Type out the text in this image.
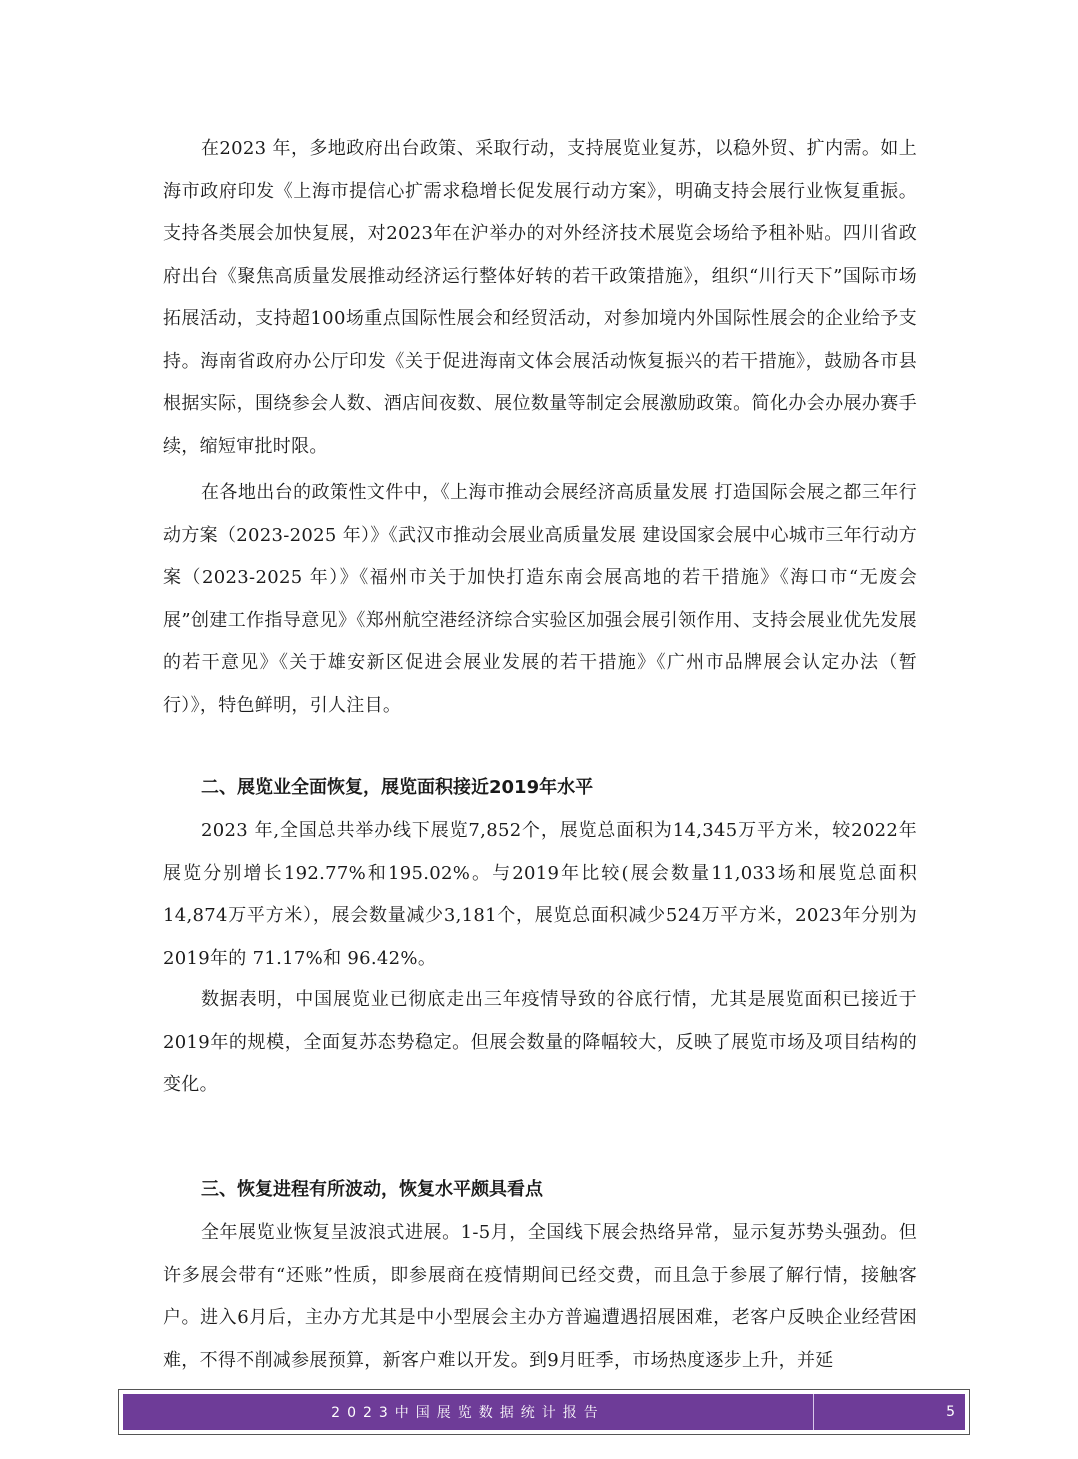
在2023 年，多地政府出台政策、采取行动，支持展览业复苏，以稳外贸、扩内需。如上海市政府印发《上海市提信心扩需求稳增长促发展行动方案》，明确支持会展行业恢复重振。支持各类展会加快复展，对2023年在沪举办的对外经济技术展览会场给予租补贴。四川省政府出台《聚焦高质量发展推动经济运行整体好转的若干政策措施》，组织“川行天下”国际市场拓展活动，支持超100场重点国际性展会和经贸活动，对参加境内外国际性展会的企业给予支持。海南省政府办公厅印发《关于促进海南文体会展活动恢复振兴的若干措施》，鼓励各市县根据实际，围绕参会人数、酒店间夜数、展位数量等制定会展激励政策。简化办会办展办赛手续，缩短审批时限。

在各地出台的政策性文件中，《上海市推动会展经济高质量发展 打造国际会展之都三年行动方案（2023-2025 年）》《武汉市推动会展业高质量发展 建设国家会展中心城市三年行动方案（2023-2025 年）》《福州市关于加快打造东南会展高地的若干措施》《海口市“无废会展”创建工作指导意见》《郑州航空港经济综合实验区加强会展引领作用、支持会展业优先发展的若干意见》《关于雄安新区促进会展业发展的若干措施》《广州市品牌展会认定办法（暂行）》，特色鲜明，引人注目。

二、展览业全面恢复，展览面积接近2019年水平

2023 年,全国总共举办线下展览7,852个，展览总面积为14,345万平方米，较2022年展览分别增长192.77%和195.02%。与2019年比较(展会数量11,033场和展览总面积14,874万平方米），展会数量减少3,181个，展览总面积减少524万平方米，2023年分别为2019年的 71.17%和 96.42%。

数据表明，中国展览业已彻底走出三年疫情导致的谷底行情，尤其是展览面积已接近于2019年的规模，全面复苏态势稳定。但展会数量的降幅较大，反映了展览市场及项目结构的变化。

三、恢复进程有所波动，恢复水平颇具看点

全年展览业恢复呈波浪式进展。1-5月，全国线下展会热络异常，显示复苏势头强劲。但许多展会带有“还账”性质，即参展商在疫情期间已经交费，而且急于参展了解行情，接触客户。进入6月后，主办方尤其是中小型展会主办方普遍遭遇招展困难，老客户反映企业经营困难，不得不削减参展预算，新客户难以开发。到9月旺季，市场热度逐步上升，并延

2023中国展览数据统计报告	5
